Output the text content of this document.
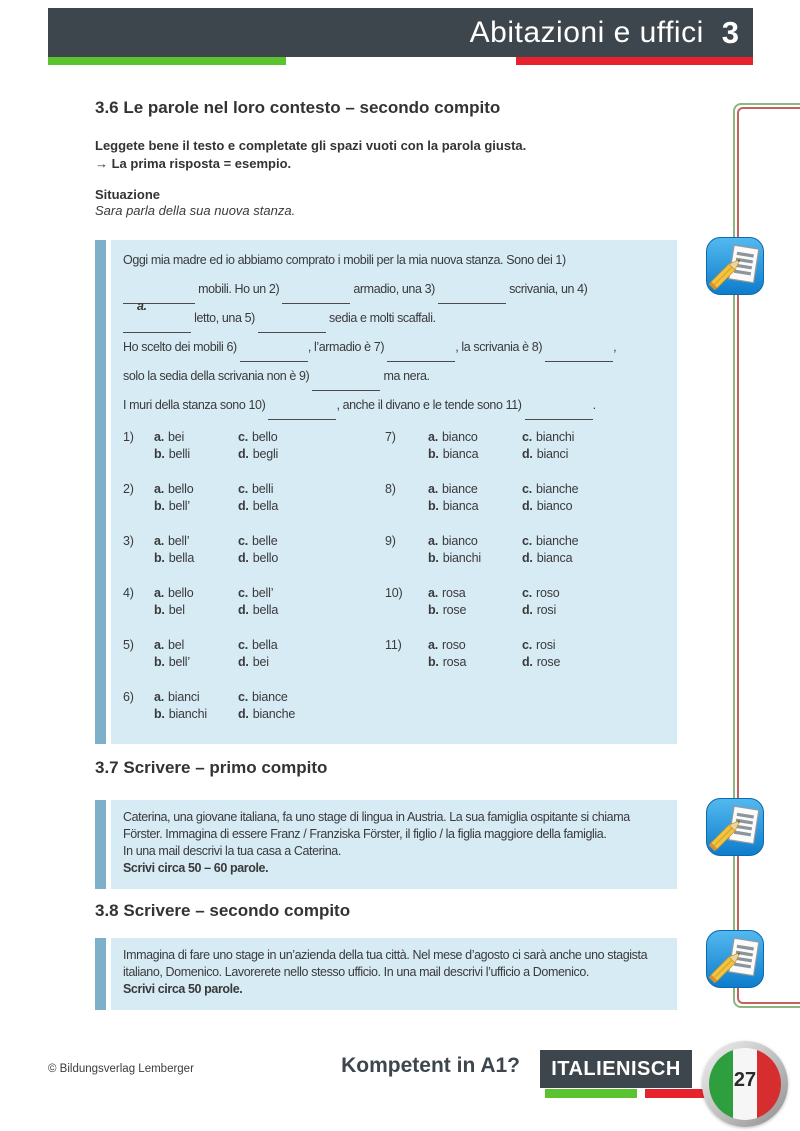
Abitazioni e uffici 3
3.6 Le parole nel loro contesto – secondo compito
Leggete bene il testo e completate gli spazi vuoti con la parola giusta.
→ La prima risposta = esempio.
Situazione
Sara parla della sua nuova stanza.
Oggi mia madre ed io abbiamo comprato i mobili per la mia nuova stanza. Sono dei 1)
a. mobili. Ho un 2)	armadio, una 3)	scrivania, un 4)
letto, una 5)	sedia e molti scaffali.
Ho scelto dei mobili 6)	, l’armadio è 7)	, la scrivania è 8)	,
solo la sedia della scrivania non è 9)	ma nera.
I muri della stanza sono 10)	, anche il divano e le tende sono 11)	.
1)	a. bei
b. belli
c. bello
d. begli
2)	a. bello
b. bell’
c. belli
d. bella
3)	a. bell’
b. bella
c. belle
d. bello
4)	a. bello
b. bel
c. bell’
d. bella
5)	a. bel
b. bell’
c. bella
d. bei
6)	a. bianci
b. bianchi
c. biance
d. bianche
7)	a. bianco
b. bianca
c. bianchi
d. bianci
8)	a. biance
b. bianca
c. bianche
d. bianco
9)	a. bianco
b. bianchi
c. bianche
d. bianca
10)	a. rosa
b. rose
c. roso
d. rosi
11)	a. roso
b. rosa
c. rosi
d. rose
3.7 Scrivere – primo compito
Caterina, una giovane italiana, fa uno stage di lingua in Austria. La sua famiglia ospitante si chiama
Förster. Immagina di essere Franz / Franziska Förster, il figlio / la figlia maggiore della famiglia.
In una mail descrivi la tua casa a Caterina.
Scrivi circa 50 – 60 parole.
3.8 Scrivere – secondo compito
Immagina di fare uno stage in un’azienda della tua città. Nel mese d’agosto ci sarà anche uno stagista
italiano, Domenico. Lavorerete nello stesso ufficio. In una mail descrivi l’ufficio a Domenico.
Scrivi circa 50 parole.
© Bildungsverlag Lemberger	Kompetent in A1?	ITALIENISCH	27
